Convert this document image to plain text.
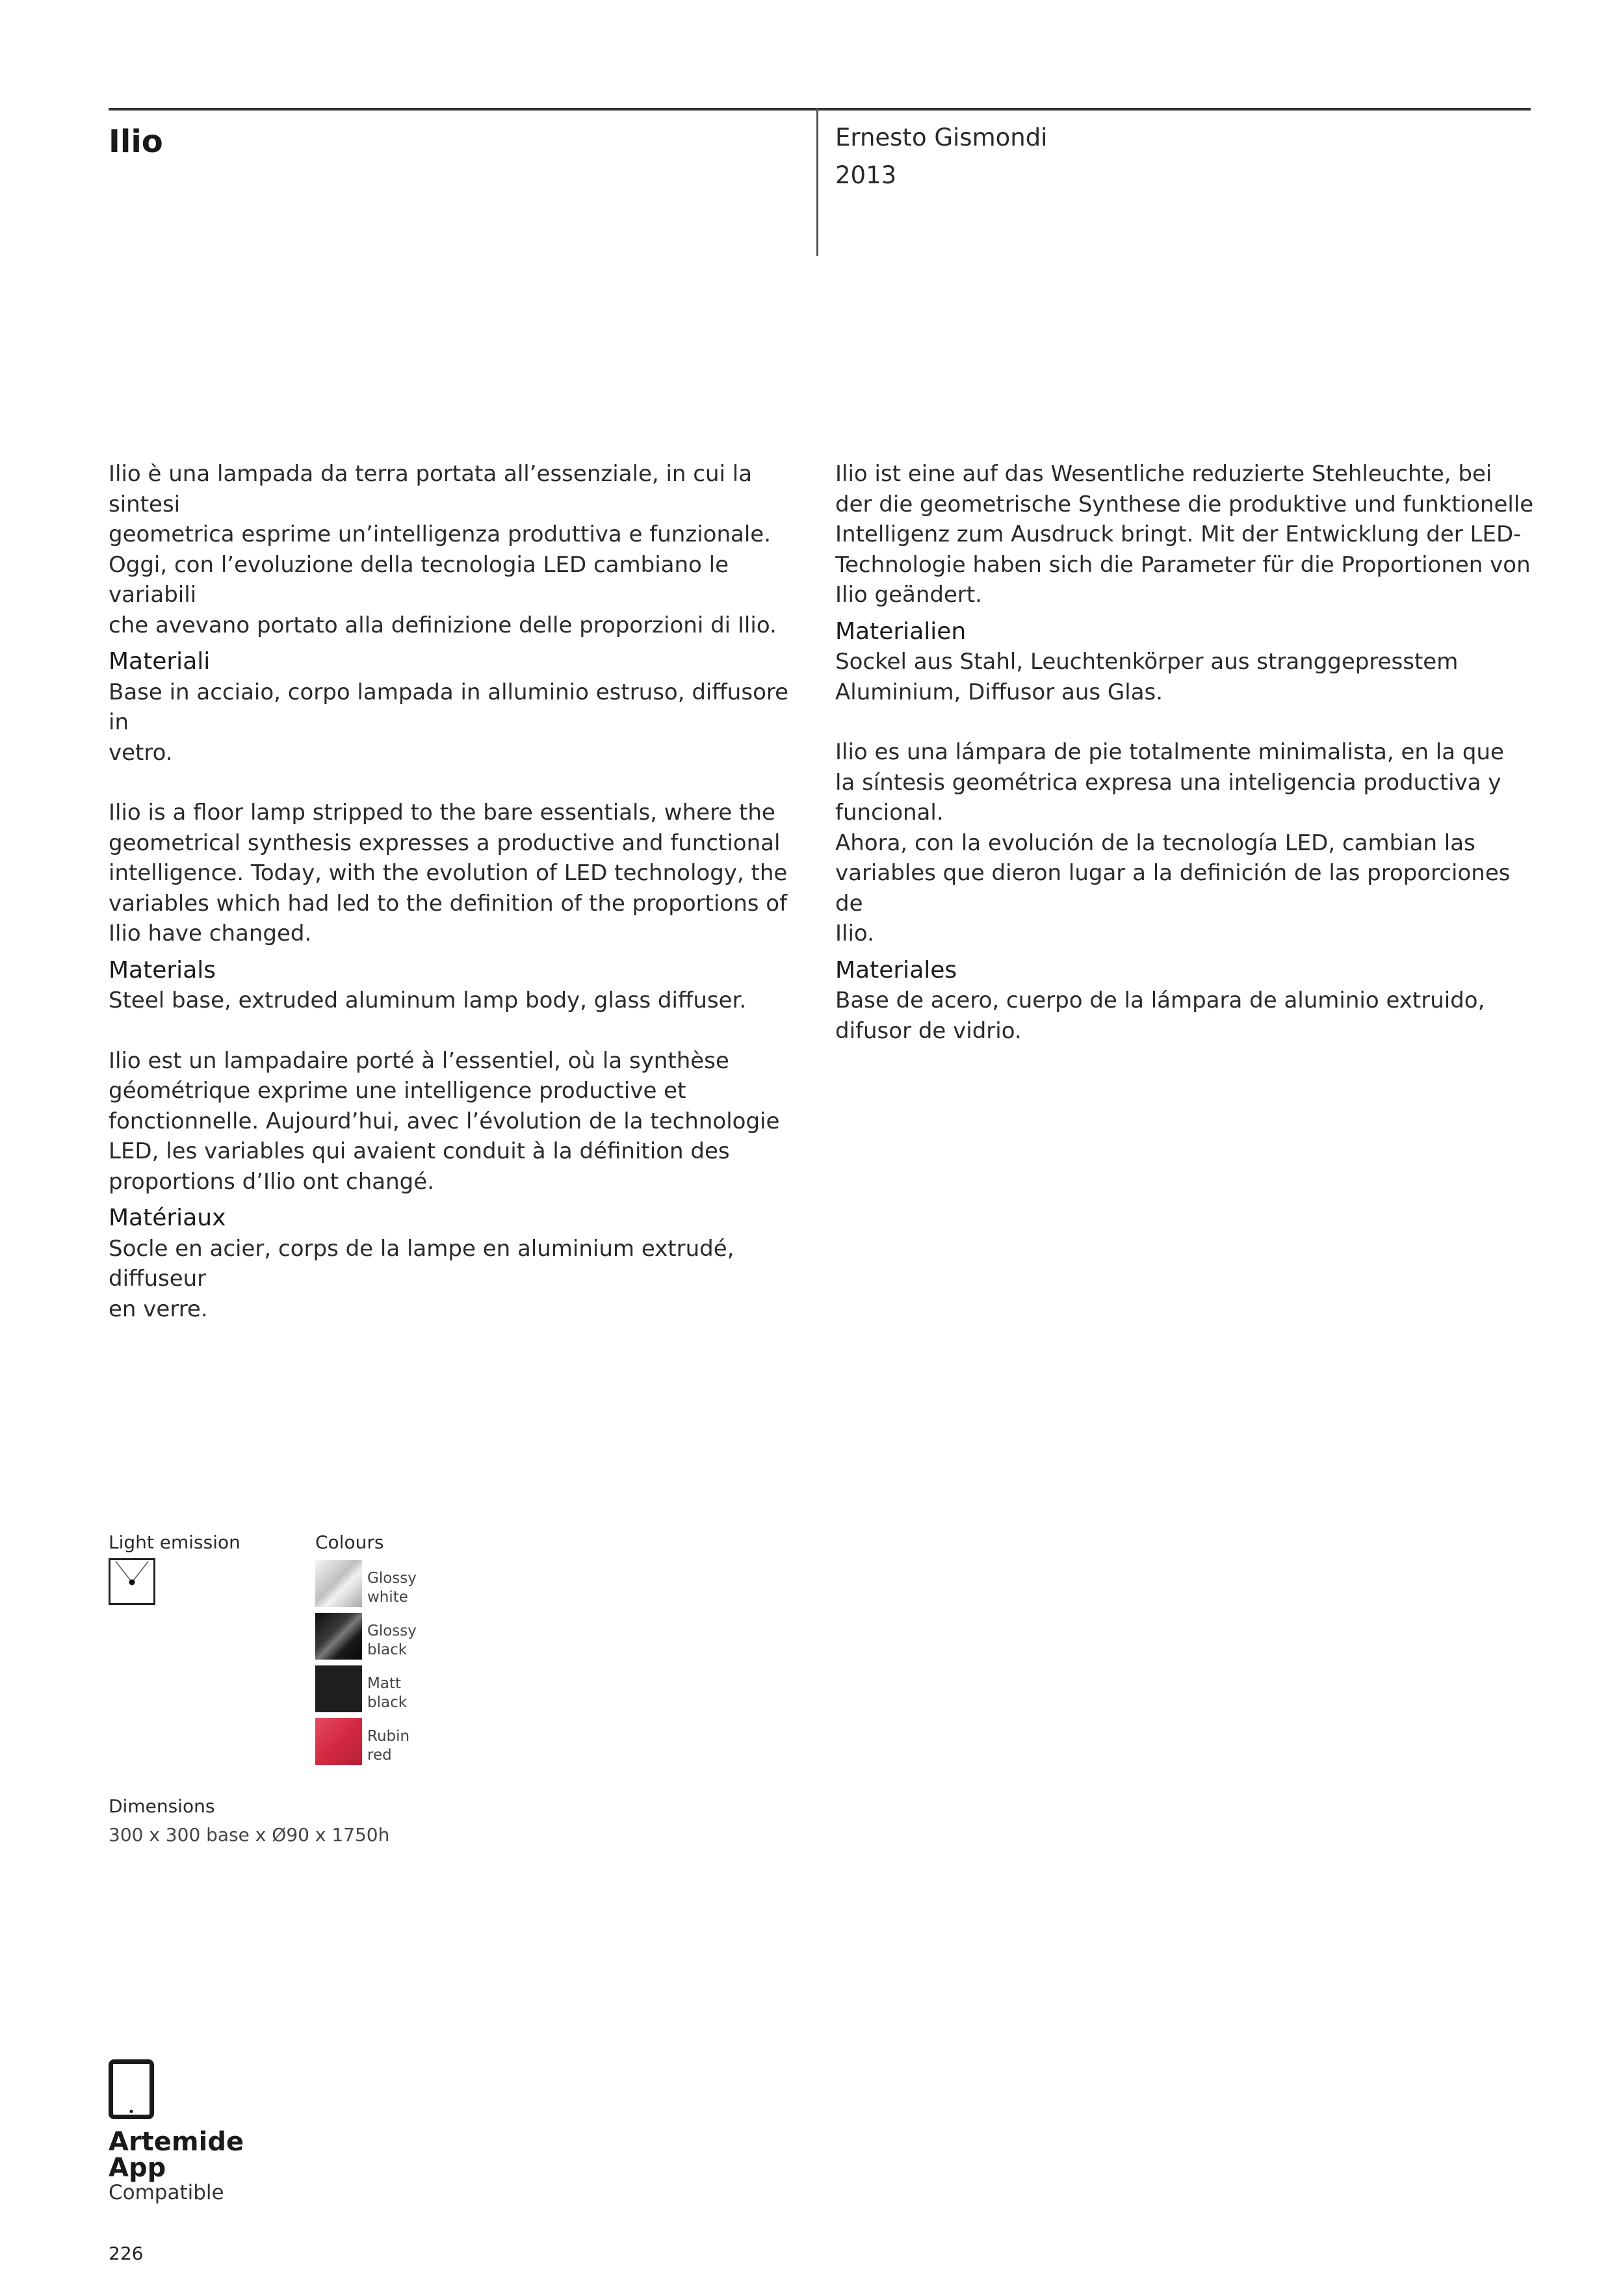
Ilio	Ernesto Gismondi
2013

Ilio è una lampada da terra portata all’essenziale, in cui la sintesi
geometrica esprime un’intelligenza produttiva e funzionale.
Oggi, con l’evoluzione della tecnologia LED cambiano le variabili
che avevano portato alla definizione delle proporzioni di Ilio.

Materiali

Base in acciaio, corpo lampada in alluminio estruso, diffusore in
vetro.

Ilio is a floor lamp stripped to the bare essentials, where the
geometrical synthesis expresses a productive and functional
intelligence. Today, with the evolution of LED technology, the
variables which had led to the definition of the proportions of
Ilio have changed.

Materials

Steel base, extruded aluminum lamp body, glass diffuser.

Ilio est un lampadaire porté à l’essentiel, où la synthèse
géométrique exprime une intelligence productive et
fonctionnelle. Aujourd’hui, avec l’évolution de la technologie
LED, les variables qui avaient conduit à la définition des
proportions d’Ilio ont changé.

Matériaux

Socle en acier, corps de la lampe en aluminium extrudé, diffuseur
en verre.

Ilio ist eine auf das Wesentliche reduzierte Stehleuchte, bei
der die geometrische Synthese die produktive und funktionelle
Intelligenz zum Ausdruck bringt. Mit der Entwicklung der LED-
Technologie haben sich die Parameter für die Proportionen von
Ilio geändert.

Materialien

Sockel aus Stahl, Leuchtenkörper aus stranggepresstem
Aluminium, Diffusor aus Glas.

Ilio es una lámpara de pie totalmente minimalista, en la que
la síntesis geométrica expresa una inteligencia productiva y
funcional.
Ahora, con la evolución de la tecnología LED, cambian las
variables que dieron lugar a la definición de las proporciones de
Ilio.

Materiales

Base de acero, cuerpo de la lámpara de aluminio extruido,
difusor de vidrio.

Light emission	Colours
Glossy
white
Glossy
black
Matt
black
Rubin
red
Dimensions
300 x 300 base x Ø90 x 1750h
Artemide
App
Compatible
226
